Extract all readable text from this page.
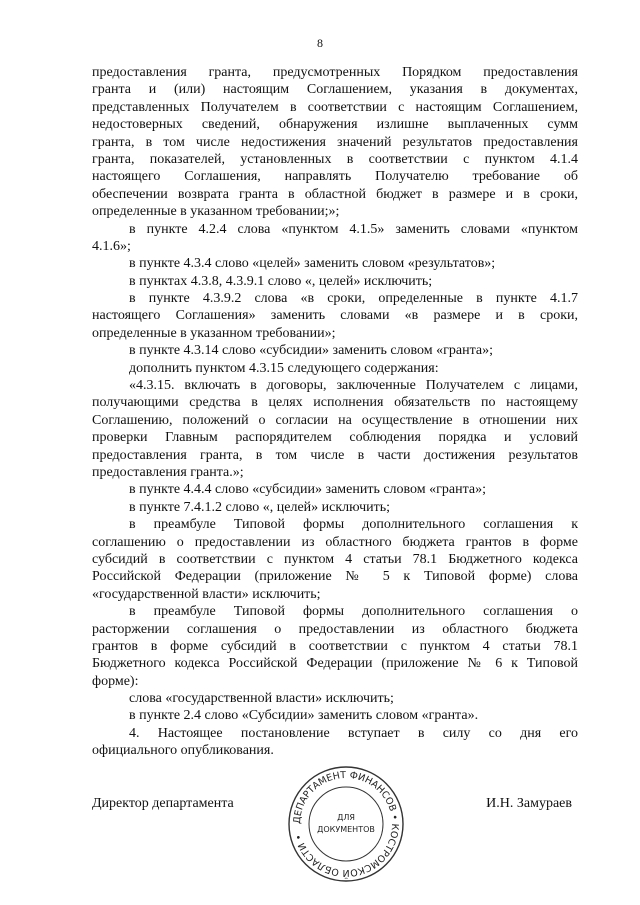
8
предоставления гранта, предусмотренных Порядком предоставления
гранта и (или) настоящим Соглашением, указания в документах,
представленных Получателем в соответствии с настоящим Соглашением,
недостоверных сведений, обнаружения излишне выплаченных сумм
гранта, в том числе недостижения значений результатов предоставления
гранта, показателей, установленных в соответствии с пунктом 4.1.4
настоящего Соглашения, направлять Получателю требование об
обеспечении возврата гранта в областной бюджет в размере и в сроки,
определенные в указанном требовании;»;
в пункте 4.2.4 слова «пунктом 4.1.5» заменить словами «пунктом
4.1.6»;
в пункте 4.3.4 слово «целей» заменить словом «результатов»;
в пунктах 4.3.8, 4.3.9.1 слово «, целей» исключить;
в пункте 4.3.9.2 слова «в сроки, определенные в пункте 4.1.7
настоящего Соглашения» заменить словами «в размере и в сроки,
определенные в указанном требовании»;
в пункте 4.3.14 слово «субсидии» заменить словом «гранта»;
дополнить пунктом 4.3.15 следующего содержания:
«4.3.15. включать в договоры, заключенные Получателем с лицами,
получающими средства в целях исполнения обязательств по настоящему
Соглашению, положений о согласии на осуществление в отношении них
проверки Главным распорядителем соблюдения порядка и условий
предоставления гранта, в том числе в части достижения результатов
предоставления гранта.»;
в пункте 4.4.4 слово «субсидии» заменить словом «гранта»;
в пункте 7.4.1.2 слово «, целей» исключить;
в преамбуле Типовой формы дополнительного соглашения к
соглашению о предоставлении из областного бюджета грантов в форме
субсидий в соответствии с пунктом 4 статьи 78.1 Бюджетного кодекса
Российской Федерации (приложение № 5 к Типовой форме) слова
«государственной власти» исключить;
в преамбуле Типовой формы дополнительного соглашения о
расторжении соглашения о предоставлении из областного бюджета
грантов в форме субсидий в соответствии с пунктом 4 статьи 78.1
Бюджетного кодекса Российской Федерации (приложение № 6 к Типовой
форме):
слова «государственной власти» исключить;
в пункте 2.4 слово «Субсидии» заменить словом «гранта».
4. Настоящее постановление вступает в силу со дня его
официального опубликования.
Директор департамента	И.Н. Замураев
ДЕПАРТАМЕНТ ФИНАНСОВ • КОСТРОМСКОЙ ОБЛАСТИ •
ДЛЯ
ДОКУМЕНТОВ
